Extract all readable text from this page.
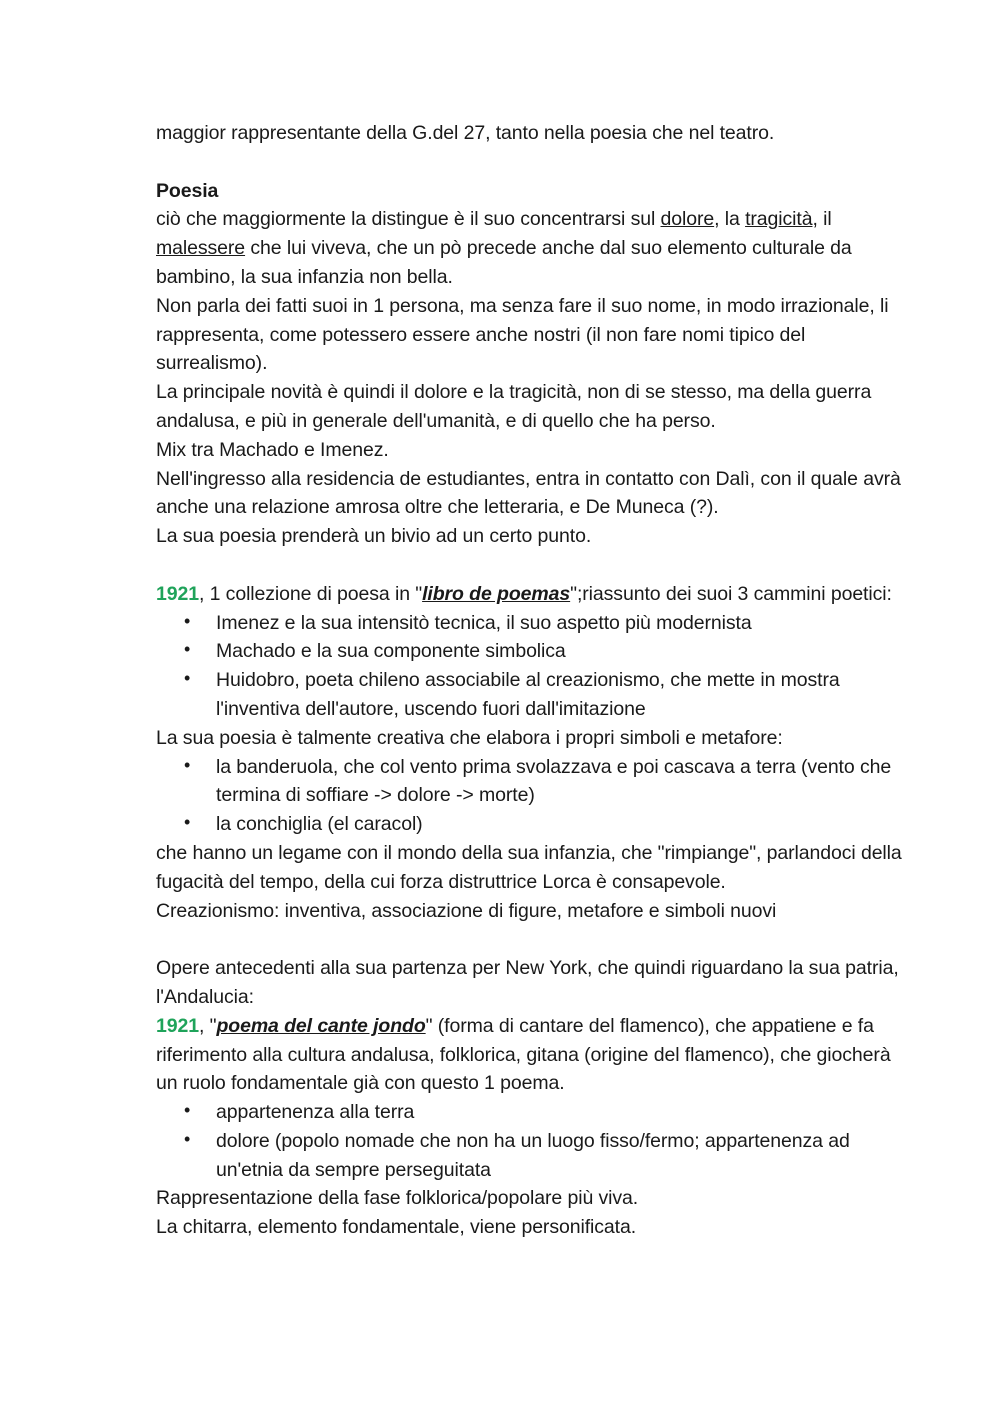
maggior rappresentante della G.del 27, tanto nella poesia che nel teatro.
Poesia
ciò che maggiormente la distingue è il suo concentrarsi sul dolore, la tragicità, il malessere che lui viveva, che un pò precede anche dal suo elemento culturale da bambino, la sua infanzia non bella.
Non parla dei fatti suoi in 1 persona, ma senza fare il suo nome, in modo irrazionale, li rappresenta, come potessero essere anche nostri (il non fare nomi tipico del surrealismo).
La principale novità è quindi il dolore e la tragicità, non di se stesso, ma della guerra andalusa, e più in generale dell'umanità, e di quello che ha perso.
Mix tra Machado e Imenez.
Nell'ingresso alla residencia de estudiantes, entra in contatto con Dalì, con il quale avrà anche una relazione amrosa oltre che letteraria, e De Muneca (?).
La sua poesia prenderà un bivio ad un certo punto.
1921, 1 collezione di poesa in "libro de poemas";riassunto dei suoi 3 cammini poetici:
• Imenez e la sua intensitò tecnica, il suo aspetto più modernista
• Machado e la sua componente simbolica
• Huidobro, poeta chileno associabile al creazionismo, che mette in mostra l'inventiva dell'autore, uscendo fuori dall'imitazione
La sua poesia è talmente creativa che elabora i propri simboli e metafore:
• la banderuola, che col vento prima svolazzava e poi cascava a terra (vento che termina di soffiare -> dolore -> morte)
• la conchiglia (el caracol)
che hanno un legame con il mondo della sua infanzia, che "rimpiange", parlandoci della fugacità del tempo, della cui forza distruttrice Lorca è consapevole.
Creazionismo: inventiva, associazione di figure, metafore e simboli nuovi
Opere antecedenti alla sua partenza per New York, che quindi riguardano la sua patria, l'Andalucia:
1921, "poema del cante jondo" (forma di cantare del flamenco), che appatiene e fa riferimento alla cultura andalusa, folklorica, gitana (origine del flamenco), che giocherà un ruolo fondamentale già con questo 1 poema.
• appartenenza alla terra
• dolore (popolo nomade che non ha un luogo fisso/fermo; appartenenza ad un'etnia da sempre perseguitata
Rappresentazione della fase folklorica/popolare più viva.
La chitarra, elemento fondamentale, viene personificata.
